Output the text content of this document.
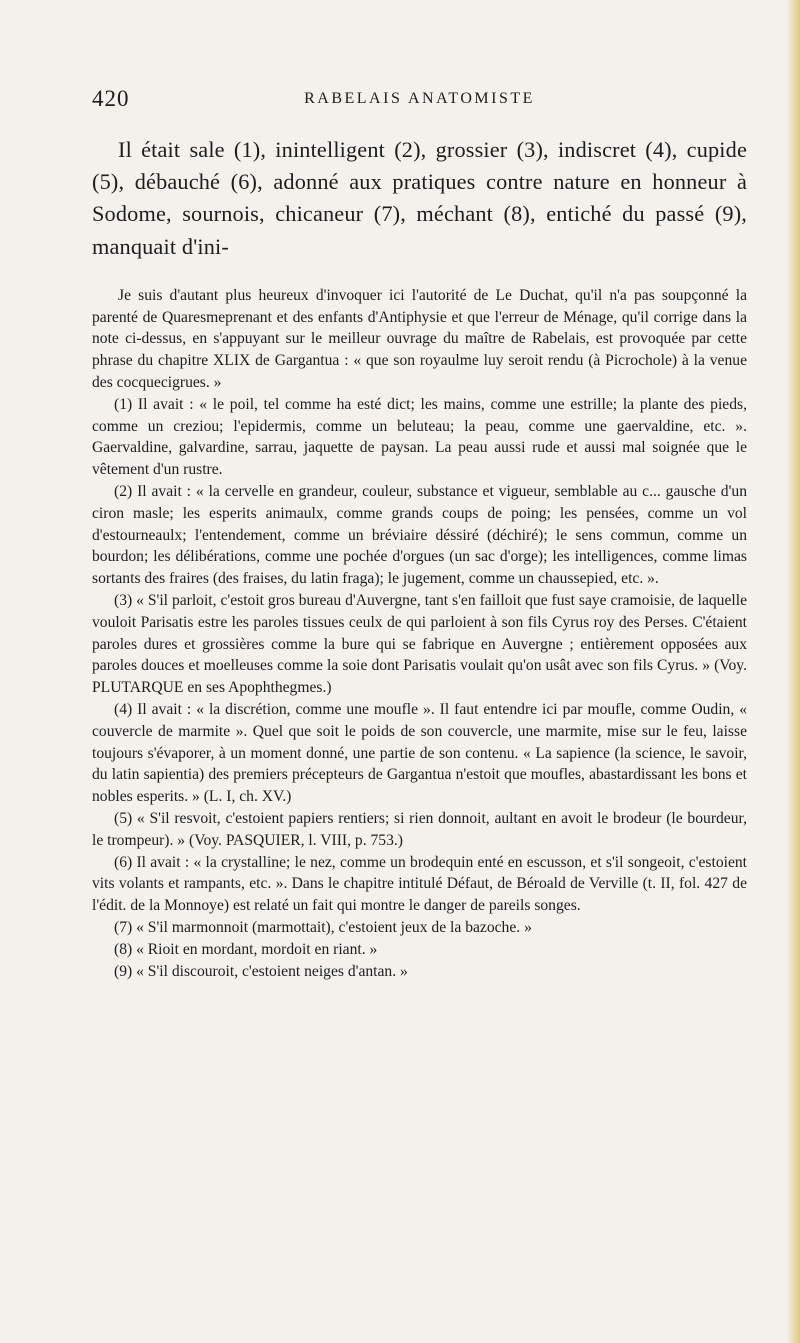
420	RABELAIS ANATOMISTE

Il était sale (1), inintelligent (2), grossier (3), indiscret (4), cupide (5), débauché (6), adonné aux pratiques contre nature en honneur à Sodome, sournois, chicaneur (7), méchant (8), entiché du passé (9), manquait d'ini-

Je suis d'autant plus heureux d'invoquer ici l'autorité de Le Duchat, qu'il n'a pas soupçonné la parenté de Quaresmeprenant et des enfants d'Antiphysie et que l'erreur de Ménage, qu'il corrige dans la note ci-dessus, en s'appuyant sur le meilleur ouvrage du maître de Rabelais, est provoquée par cette phrase du chapitre XLIX de Gargantua : « que son royaulme luy seroit rendu (à Picrochole) à la venue des cocquecigrues. »

(1) Il avait : « le poil, tel comme ha esté dict; les mains, comme une estrille; la plante des pieds, comme un creziou; l'epidermis, comme un beluteau; la peau, comme une gaervaldine, etc. ». Gaervaldine, galvardine, sarrau, jaquette de paysan. La peau aussi rude et aussi mal soignée que le vêtement d'un rustre.

(2) Il avait : « la cervelle en grandeur, couleur, substance et vigueur, semblable au c... gausche d'un ciron masle; les esperits animaulx, comme grands coups de poing; les pensées, comme un vol d'estourneaulx; l'entendement, comme un bréviaire déssiré (déchiré); le sens commun, comme un bourdon; les délibérations, comme une pochée d'orgues (un sac d'orge); les intelligences, comme limas sortants des fraires (des fraises, du latin fraga); le jugement, comme un chaussepied, etc. ».

(3) « S'il parloit, c'estoit gros bureau d'Auvergne, tant s'en failloit que fust saye cramoisie, de laquelle vouloit Parisatis estre les paroles tissues ceulx de qui parloient à son fils Cyrus roy des Perses. C'étaient paroles dures et grossières comme la bure qui se fabrique en Auvergne ; entièrement opposées aux paroles douces et moelleuses comme la soie dont Parisatis voulait qu'on usât avec son fils Cyrus. » (Voy. PLUTARQUE en ses Apophthegmes.)

(4) Il avait : « la discrétion, comme une moufle ». Il faut entendre ici par moufle, comme Oudin, « couvercle de marmite ». Quel que soit le poids de son couvercle, une marmite, mise sur le feu, laisse toujours s'évaporer, à un moment donné, une partie de son contenu. « La sapience (la science, le savoir, du latin sapientia) des premiers précepteurs de Gargantua n'estoit que moufles, abastardissant les bons et nobles esperits. » (L. I, ch. XV.)

(5) « S'il resvoit, c'estoient papiers rentiers; si rien donnoit, aultant en avoit le brodeur (le bourdeur, le trompeur). » (Voy. PASQUIER, l. VIII, p. 753.)

(6) Il avait : « la crystalline; le nez, comme un brodequin enté en escusson, et s'il songeoit, c'estoient vits volants et rampants, etc. ». Dans le chapitre intitulé Défaut, de Béroald de Verville (t. II, fol. 427 de l'édit. de la Monnoye) est relaté un fait qui montre le danger de pareils songes.

(7) « S'il marmonnoit (marmottait), c'estoient jeux de la bazoche. »

(8) « Rioit en mordant, mordoit en riant. »

(9) « S'il discouroit, c'estoient neiges d'antan. »
